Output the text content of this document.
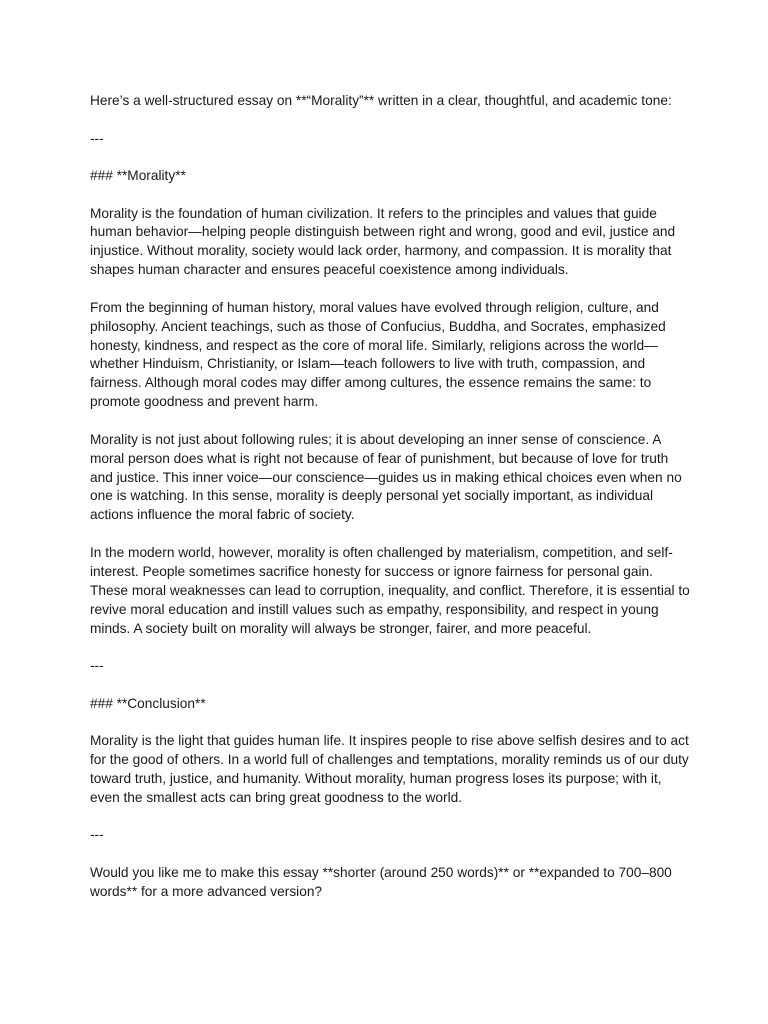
Here’s a well-structured essay on **“Morality”** written in a clear, thoughtful, and academic tone:

---

### **Morality**

Morality is the foundation of human civilization. It refers to the principles and values that guide human behavior—helping people distinguish between right and wrong, good and evil, justice and injustice. Without morality, society would lack order, harmony, and compassion. It is morality that shapes human character and ensures peaceful coexistence among individuals.

From the beginning of human history, moral values have evolved through religion, culture, and philosophy. Ancient teachings, such as those of Confucius, Buddha, and Socrates, emphasized honesty, kindness, and respect as the core of moral life. Similarly, religions across the world—whether Hinduism, Christianity, or Islam—teach followers to live with truth, compassion, and fairness. Although moral codes may differ among cultures, the essence remains the same: to promote goodness and prevent harm.

Morality is not just about following rules; it is about developing an inner sense of conscience. A moral person does what is right not because of fear of punishment, but because of love for truth and justice. This inner voice—our conscience—guides us in making ethical choices even when no one is watching. In this sense, morality is deeply personal yet socially important, as individual actions influence the moral fabric of society.

In the modern world, however, morality is often challenged by materialism, competition, and self-interest. People sometimes sacrifice honesty for success or ignore fairness for personal gain. These moral weaknesses can lead to corruption, inequality, and conflict. Therefore, it is essential to revive moral education and instill values such as empathy, responsibility, and respect in young minds. A society built on morality will always be stronger, fairer, and more peaceful.

---

### **Conclusion**

Morality is the light that guides human life. It inspires people to rise above selfish desires and to act for the good of others. In a world full of challenges and temptations, morality reminds us of our duty toward truth, justice, and humanity. Without morality, human progress loses its purpose; with it, even the smallest acts can bring great goodness to the world.

---

Would you like me to make this essay **shorter (around 250 words)** or **expanded to 700–800 words** for a more advanced version?
